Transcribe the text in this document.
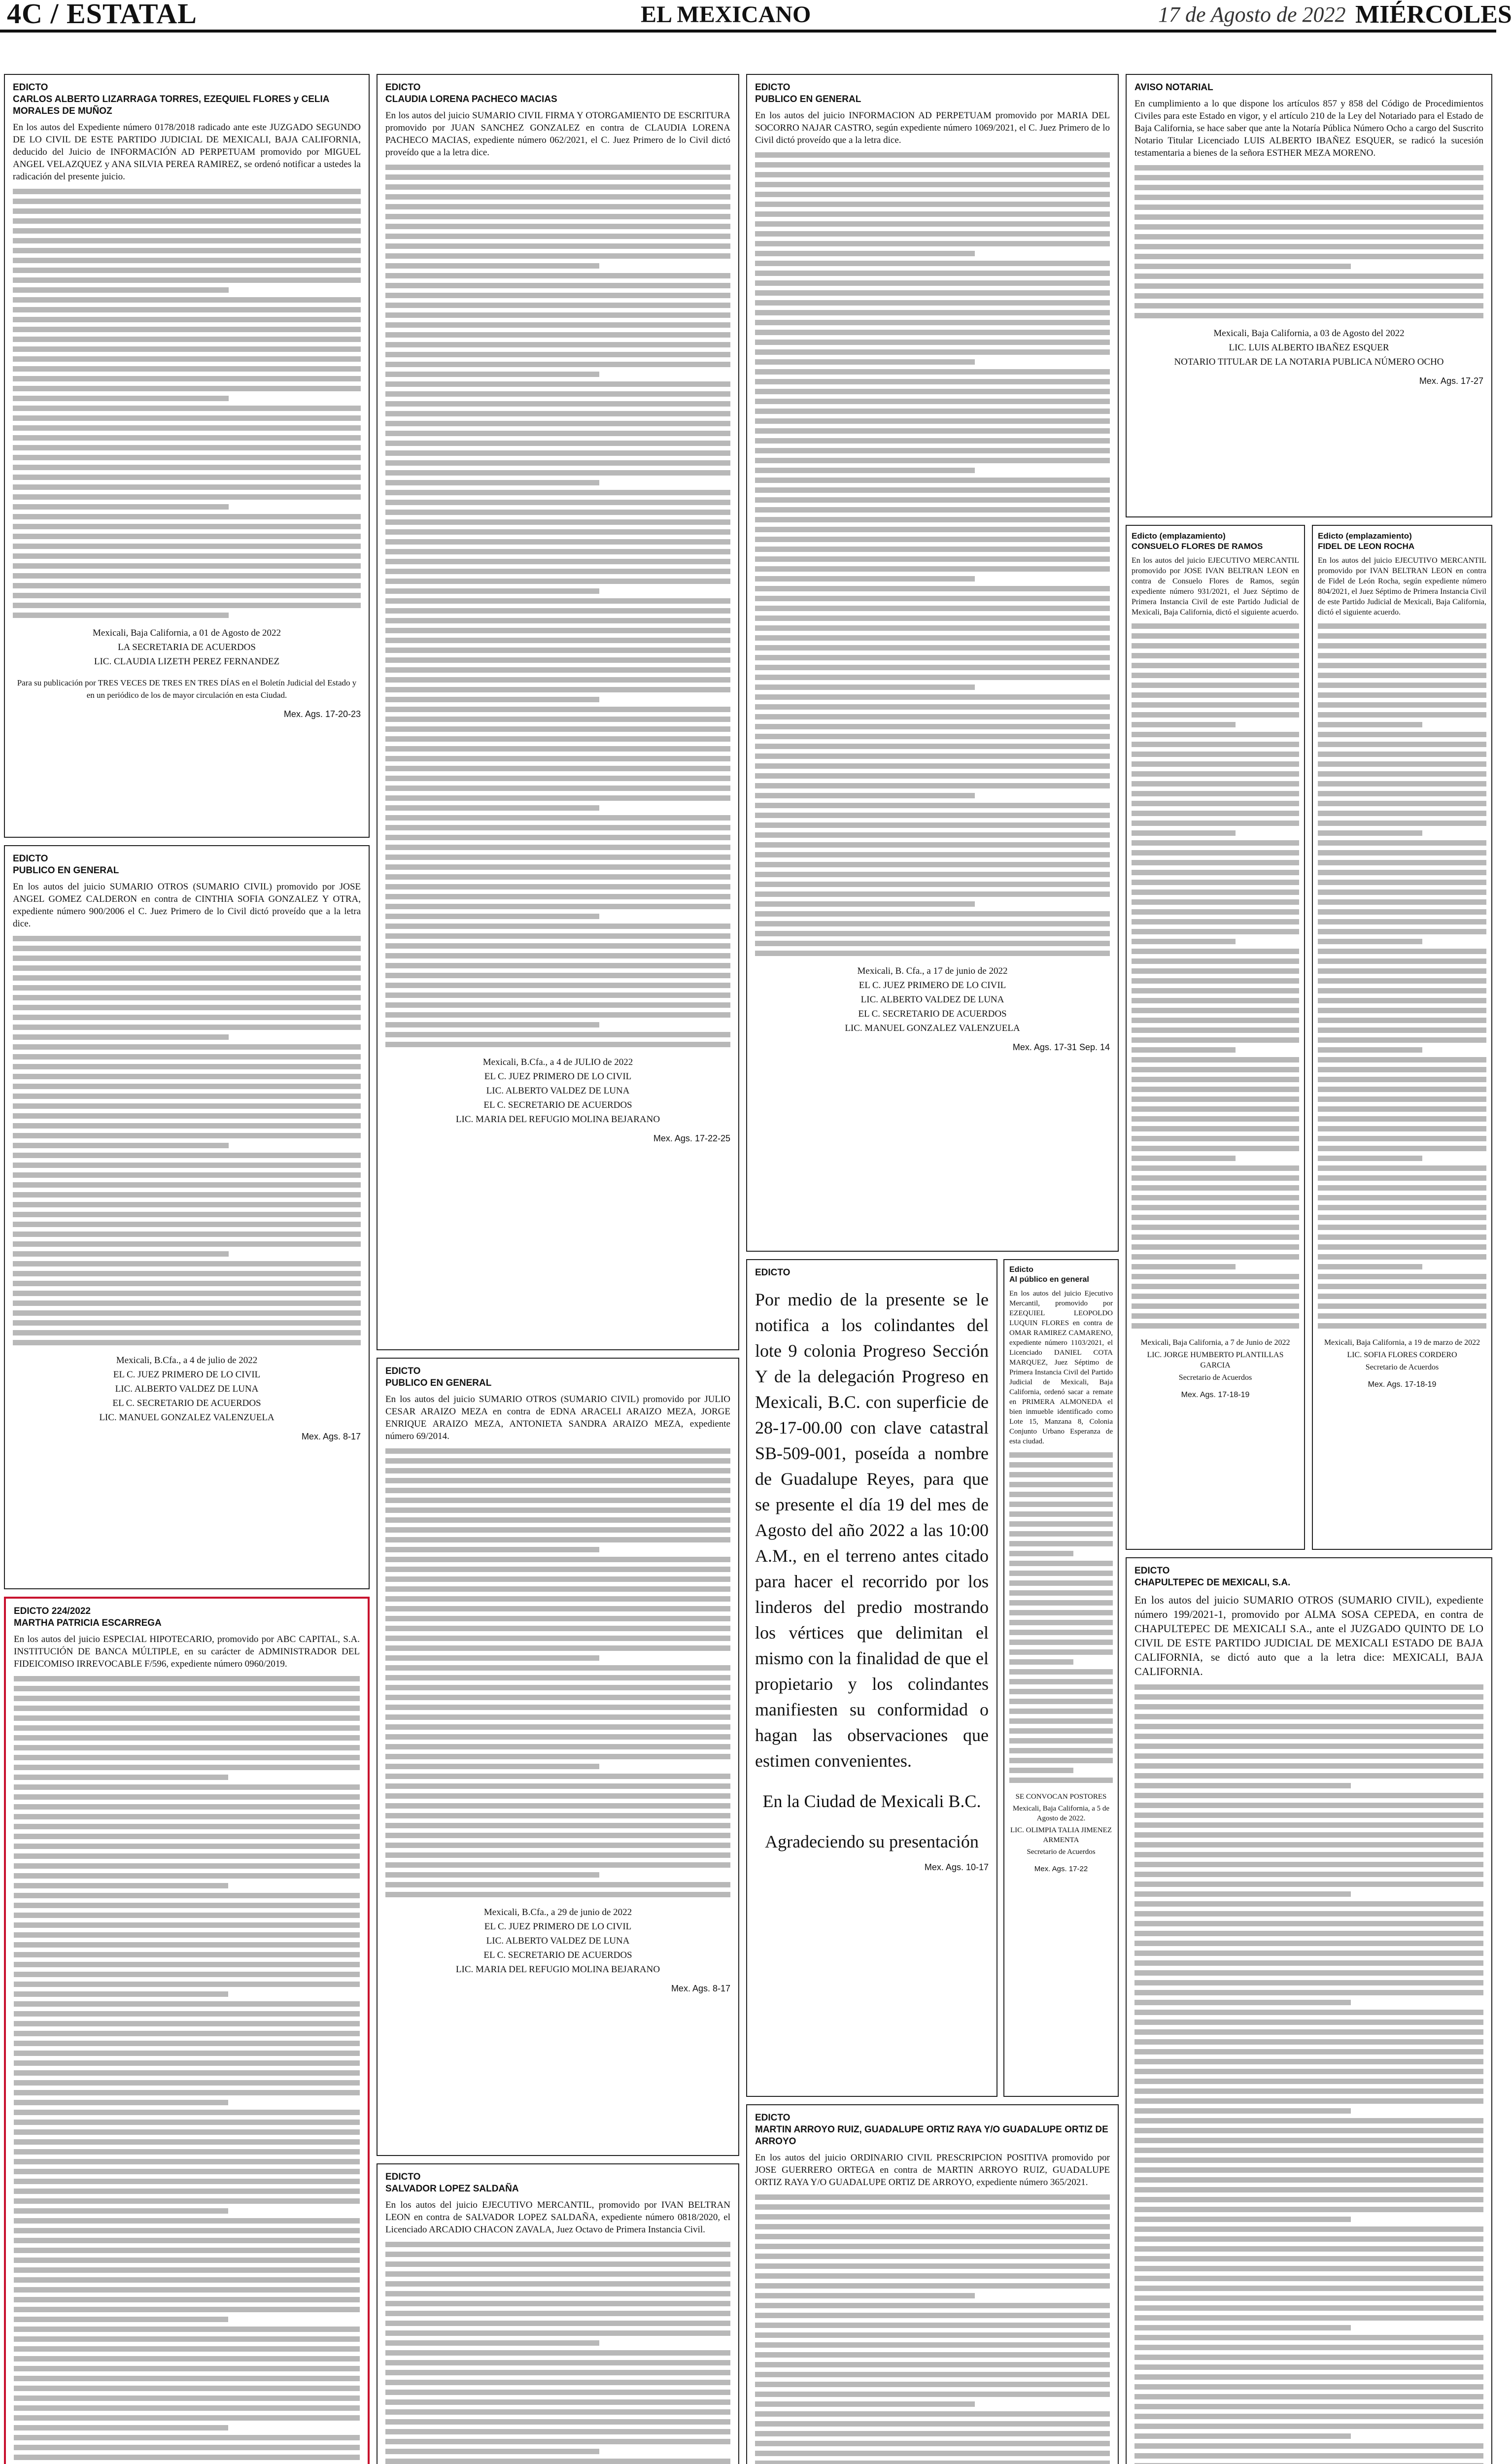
4C / ESTATAL	EL MEXICANO	17 de Agosto de 2022 MIÉRCOLES
EDICTO
CARLOS ALBERTO LIZARRAGA TORRES, EZEQUIEL FLORES y CELIA MORALES DE MUÑOZ
En los autos del Expediente número 0178/2018 radicado ante este JUZGADO SEGUNDO DE LO CIVIL DE ESTE PARTIDO JUDICIAL DE MEXICALI, BAJA CALIFORNIA, deducido del Juicio de INFORMACIÓN AD PERPETUAM promovido por MIGUEL ANGEL VELAZQUEZ y ANA SILVIA PEREA RAMIREZ, se ordenó notificar a ustedes la radicación del presente juicio.
Mexicali, Baja California, a 01 de Agosto de 2022
LA SECRETARIA DE ACUERDOS
LIC. CLAUDIA LIZETH PEREZ FERNANDEZ
Para su publicación por TRES VECES DE TRES EN TRES DÍAS en el Boletín Judicial del Estado y en un periódico de los de mayor circulación en esta Ciudad.
Mex. Ags. 17-20-23
EDICTO
PUBLICO EN GENERAL
En los autos del juicio SUMARIO OTROS (SUMARIO CIVIL) promovido por JOSE ANGEL GOMEZ CALDERON en contra de CINTHIA SOFIA GONZALEZ Y OTRA, expediente número 900/2006 el C. Juez Primero de lo Civil dictó proveído que a la letra dice.
Mexicali, B.Cfa., a 4 de julio de 2022
EL C. JUEZ PRIMERO DE LO CIVIL
LIC. ALBERTO VALDEZ DE LUNA
EL C. SECRETARIO DE ACUERDOS
LIC. MANUEL GONZALEZ VALENZUELA
Mex. Ags. 8-17
EDICTO 224/2022
MARTHA PATRICIA ESCARREGA
En los autos del juicio ESPECIAL HIPOTECARIO, promovido por ABC CAPITAL, S.A. INSTITUCIÓN DE BANCA MÚLTIPLE, en su carácter de ADMINISTRADOR DEL FIDEICOMISO IRREVOCABLE F/596, expediente número 0960/2019.
EDICTO
CLAUDIA LORENA PACHECO MACIAS
En los autos del juicio SUMARIO CIVIL FIRMA Y OTORGAMIENTO DE ESCRITURA promovido por JUAN SANCHEZ GONZALEZ en contra de CLAUDIA LORENA PACHECO MACIAS, expediente número 062/2021, el C. Juez Primero de lo Civil dictó proveído que a la letra dice.
Mexicali, B.Cfa., a 4 de JULIO de 2022
EL C. JUEZ PRIMERO DE LO CIVIL
LIC. ALBERTO VALDEZ DE LUNA
EL C. SECRETARIO DE ACUERDOS
LIC. MARIA DEL REFUGIO MOLINA BEJARANO
Mex. Ags. 17-22-25
EDICTO
PUBLICO EN GENERAL
En los autos del juicio SUMARIO OTROS (SUMARIO CIVIL) promovido por JULIO CESAR ARAIZO MEZA en contra de EDNA ARACELI ARAIZO MEZA, JORGE ENRIQUE ARAIZO MEZA, ANTONIETA SANDRA ARAIZO MEZA, expediente número 69/2014.
Mexicali, B.Cfa., a 29 de junio de 2022
EL C. JUEZ PRIMERO DE LO CIVIL
LIC. ALBERTO VALDEZ DE LUNA
EL C. SECRETARIO DE ACUERDOS
LIC. MARIA DEL REFUGIO MOLINA BEJARANO
Mex. Ags. 8-17
EDICTO
SALVADOR LOPEZ SALDAÑA
En los autos del juicio EJECUTIVO MERCANTIL, promovido por IVAN BELTRAN LEON en contra de SALVADOR LOPEZ SALDAÑA, expediente número 0818/2020, el Licenciado ARCADIO CHACON ZAVALA, Juez Octavo de Primera Instancia Civil.
EDICTO
PUBLICO EN GENERAL
En los autos del juicio INFORMACION AD PERPETUAM promovido por MARIA DEL SOCORRO NAJAR CASTRO, según expediente número 1069/2021, el C. Juez Primero de lo Civil dictó proveído que a la letra dice.
Mexicali, B. Cfa., a 17 de junio de 2022
EL C. JUEZ PRIMERO DE LO CIVIL
LIC. ALBERTO VALDEZ DE LUNA
EL C. SECRETARIO DE ACUERDOS
LIC. MANUEL GONZALEZ VALENZUELA
Mex. Ags. 17-31 Sep. 14
EDICTO

Por medio de la presente se le notifica a los colindantes del lote 9 colonia Progreso Sección Y de la delegación Progreso en Mexicali, B.C. con superficie de 28-17-00.00 con clave catastral SB-509-001, poseída a nombre de Guadalupe Reyes, para que se presente el día 19 del mes de Agosto del año 2022 a las 10:00 A.M., en el terreno antes citado para hacer el recorrido por los linderos del predio mostrando los vértices que delimitan el mismo con la finalidad de que el propietario y los colindantes manifiesten su conformidad o hagan las observaciones que estimen convenientes.

En la Ciudad de Mexicali B.C.

Agradeciendo su presentación

Mex. Ags. 10-17
EDICTO
MARTIN ARROYO RUIZ, GUADALUPE ORTIZ RAYA Y/O GUADALUPE ORTIZ DE ARROYO
En los autos del juicio ORDINARIO CIVIL PRESCRIPCION POSITIVA promovido por JOSE GUERRERO ORTEGA en contra de MARTIN ARROYO RUIZ, GUADALUPE ORTIZ RAYA Y/O GUADALUPE ORTIZ DE ARROYO, expediente número 365/2021.
Edicto
Al público en general
En los autos del juicio Ejecutivo Mercantil, promovido por EZEQUIEL LEOPOLDO LUQUIN FLORES en contra de OMAR RAMIREZ CAMARENO, expediente número 1103/2021, el Licenciado DANIEL COTA MARQUEZ, Juez Séptimo de Primera Instancia Civil del Partido Judicial de Mexicali, Baja California, ordenó sacar a remate en PRIMERA ALMONEDA el bien inmueble identificado como Lote 15, Manzana 8, Colonia Conjunto Urbano Esperanza de esta ciudad.
SE CONVOCAN POSTORES
Mexicali, Baja California, a 5 de Agosto de 2022.
LIC. OLIMPIA TALIA JIMENEZ ARMENTA
Secretario de Acuerdos
Mex. Ags. 17-22
AVISO NOTARIAL
En cumplimiento a lo que dispone los artículos 857 y 858 del Código de Procedimientos Civiles para este Estado en vigor, y el artículo 210 de la Ley del Notariado para el Estado de Baja California, se hace saber que ante la Notaría Pública Número Ocho a cargo del Suscrito Notario Titular Licenciado LUIS ALBERTO IBAÑEZ ESQUER, se radicó la sucesión testamentaria a bienes de la señora ESTHER MEZA MORENO.
Mexicali, Baja California, a 03 de Agosto del 2022
LIC. LUIS ALBERTO IBAÑEZ ESQUER
NOTARIO TITULAR DE LA NOTARIA PUBLICA NÚMERO OCHO
Mex. Ags. 17-27
Edicto (emplazamiento)
CONSUELO FLORES DE RAMOS
En los autos del juicio EJECUTIVO MERCANTIL promovido por JOSE IVAN BELTRAN LEON en contra de Consuelo Flores de Ramos, según expediente número 931/2021, el Juez Séptimo de Primera Instancia Civil de este Partido Judicial de Mexicali, Baja California, dictó el siguiente acuerdo.
Mexicali, Baja California, a 7 de Junio de 2022
LIC. JORGE HUMBERTO PLANTILLAS GARCIA
Secretario de Acuerdos
Mex. Ags. 17-18-19
Edicto (emplazamiento)
FIDEL DE LEON ROCHA
En los autos del juicio EJECUTIVO MERCANTIL promovido por IVAN BELTRAN LEON en contra de Fidel de León Rocha, según expediente número 804/2021, el Juez Séptimo de Primera Instancia Civil de este Partido Judicial de Mexicali, Baja California, dictó el siguiente acuerdo.
Mexicali, Baja California, a 19 de marzo de 2022
LIC. SOFIA FLORES CORDERO
Secretario de Acuerdos
Mex. Ags. 17-18-19
EDICTO
CHAPULTEPEC DE MEXICALI, S.A.
En los autos del juicio SUMARIO OTROS (SUMARIO CIVIL), expediente número 199/2021-1, promovido por ALMA SOSA CEPEDA, en contra de CHAPULTEPEC DE MEXICALI S.A., ante el JUZGADO QUINTO DE LO CIVIL DE ESTE PARTIDO JUDICIAL DE MEXICALI ESTADO DE BAJA CALIFORNIA, se dictó auto que a la letra dice: MEXICALI, BAJA CALIFORNIA.
